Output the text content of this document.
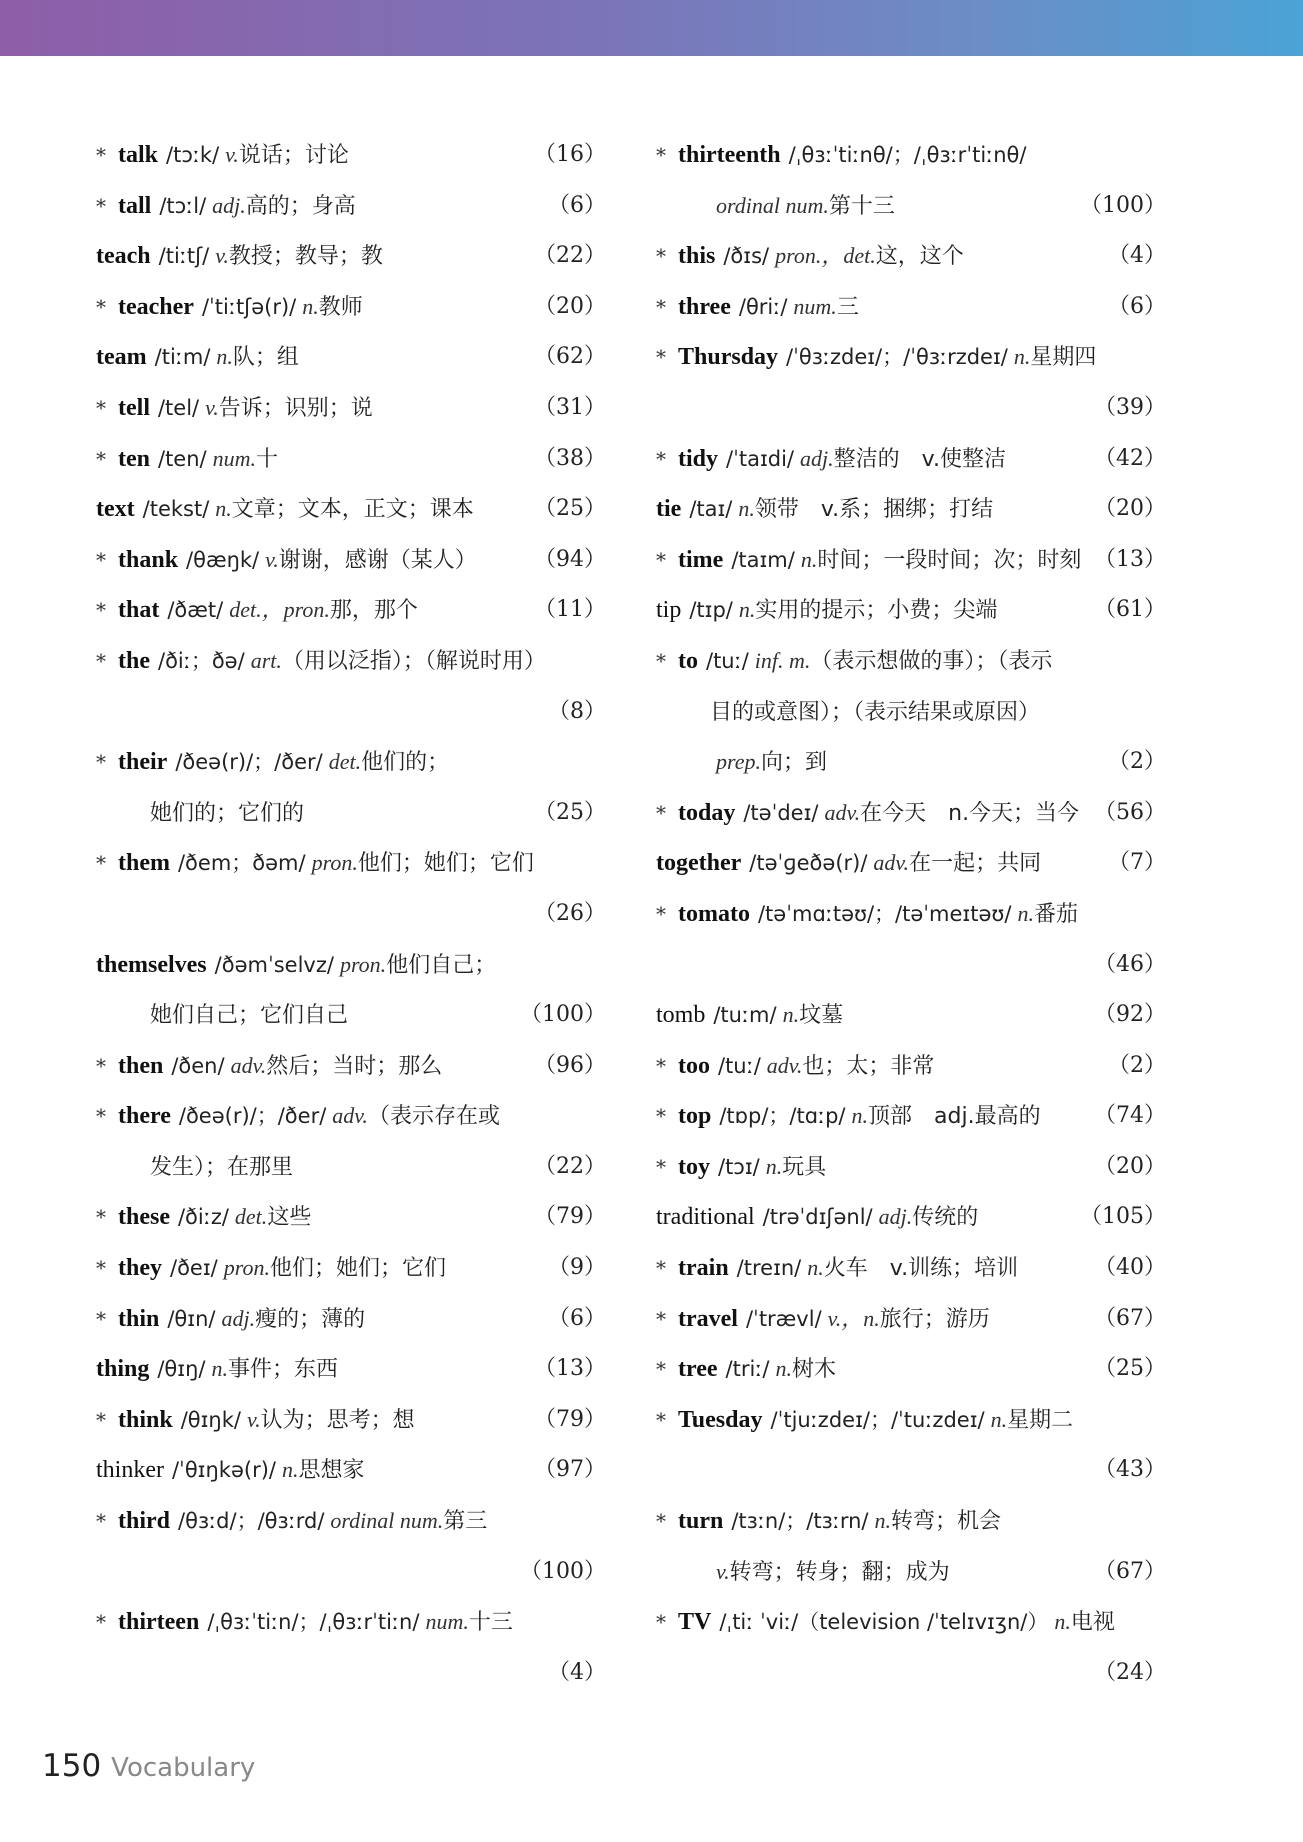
* talk /tɔːk/ v.说话；讨论	（16）
* tall /tɔːl/ adj.高的；身高	（6）
teach /tiːtʃ/ v.教授；教导；教	（22）
* teacher /ˈtiːtʃə(r)/ n.教师	（20）
team /tiːm/ n.队；组	（62）
* tell /tel/ v.告诉；识别；说	（31）
* ten /ten/ num.十	（38）
text /tekst/ n.文章；文本，正文；课本	（25）
* thank /θæŋk/ v.谢谢，感谢（某人）	（94）
* that /ðæt/ det.，pron.那，那个	（11）
* the /ðiː；ðə/ art.（用以泛指）；（解说时用）
（8）
* their /ðeə(r)/；/ðer/ det.他们的；
她们的；它们的	（25）
* them /ðem；ðəm/ pron.他们；她们；它们
（26）
themselves /ðəmˈselvz/ pron.他们自己；
她们自己；它们自己	（100）
* then /ðen/ adv.然后；当时；那么	（96）
* there /ðeə(r)/；/ðer/ adv.（表示存在或
发生）；在那里	（22）
* these /ðiːz/ det.这些	（79）
* they /ðeɪ/ pron.他们；她们；它们	（9）
* thin /θɪn/ adj.瘦的；薄的	（6）
thing /θɪŋ/ n.事件；东西	（13）
* think /θɪŋk/ v.认为；思考；想	（79）
thinker /ˈθɪŋkə(r)/ n.思想家	（97）
* third /θɜːd/；/θɜːrd/ ordinal num.第三
（100）
* thirteen /ˌθɜːˈtiːn/；/ˌθɜːrˈtiːn/ num.十三
（4）
* thirteenth /ˌθɜːˈtiːnθ/；/ˌθɜːrˈtiːnθ/
ordinal num.第十三	（100）
* this /ðɪs/ pron.，det.这，这个	（4）
* three /θriː/ num.三	（6）
* Thursday /ˈθɜːzdeɪ/；/ˈθɜːrzdeɪ/ n.星期四
（39）
* tidy /ˈtaɪdi/ adj.整洁的　v.使整洁	（42）
tie /taɪ/ n.领带　v.系；捆绑；打结	（20）
* time /taɪm/ n.时间；一段时间；次；时刻 （13）
tip /tɪp/ n.实用的提示；小费；尖端	（61）
* to /tuː/ inf. m.（表示想做的事）；（表示
目的或意图）；（表示结果或原因）
prep.向；到	（2）
* today /təˈdeɪ/ adv.在今天　n.今天；当今 （56）
together /təˈɡeðə(r)/ adv.在一起；共同	（7）
* tomato /təˈmɑːtəʊ/；/təˈmeɪtəʊ/ n.番茄
（46）
tomb /tuːm/ n.坟墓	（92）
* too /tuː/ adv.也；太；非常	（2）
* top /tɒp/；/tɑːp/ n.顶部　adj.最高的 （74）
* toy /tɔɪ/ n.玩具	（20）
traditional /trəˈdɪʃənl/ adj.传统的	（105）
* train /treɪn/ n.火车　v.训练；培训	（40）
* travel /ˈtrævl/ v.，n.旅行；游历	（67）
* tree /triː/ n.树木	（25）
* Tuesday /ˈtjuːzdeɪ/；/ˈtuːzdeɪ/ n.星期二
（43）
* turn /tɜːn/；/tɜːrn/ n.转弯；机会
v.转弯；转身；翻；成为	（67）
* TV /ˌtiː ˈviː/（television /ˈtelɪvɪʒn/） n.电视
（24）
150 Vocabulary
